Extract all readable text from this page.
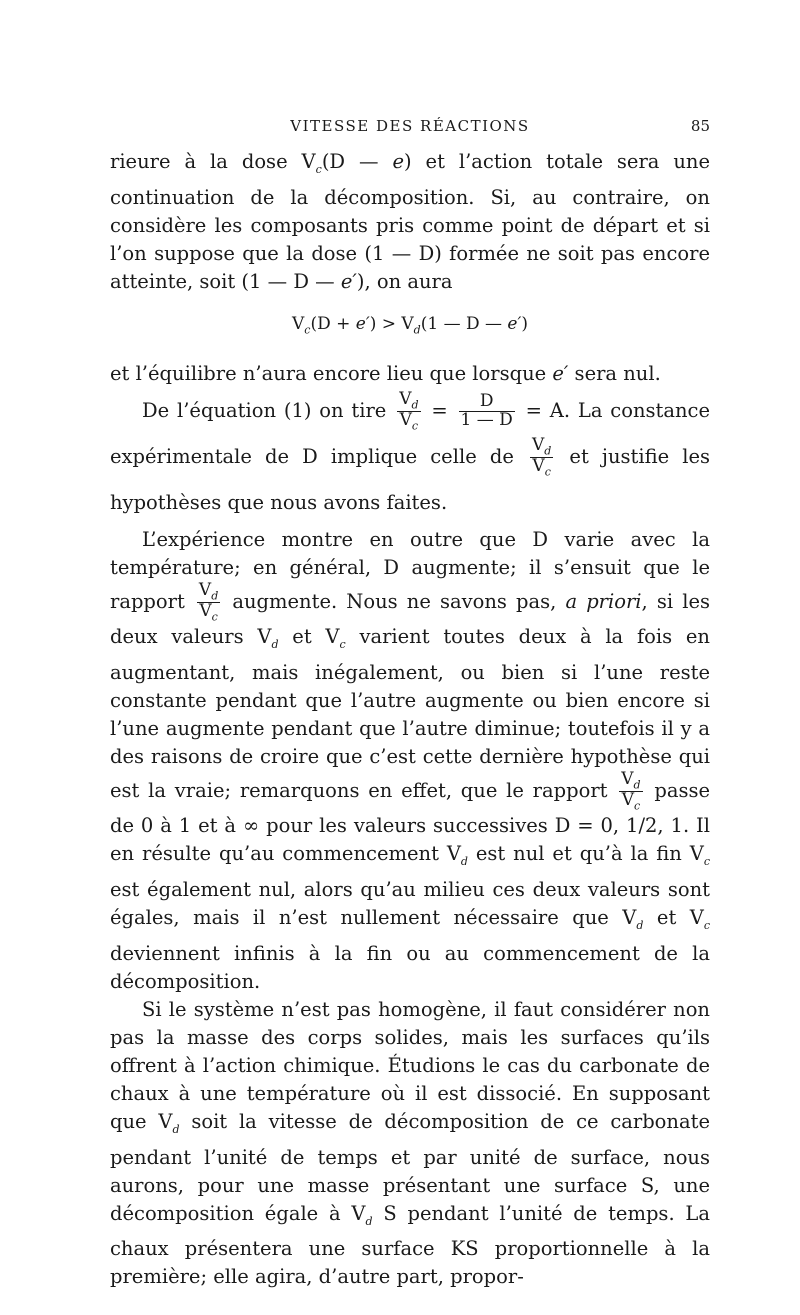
VITESSE DES RÉACTIONS	85

rieure à la dose $V_c(D$ — e) et l’action totale sera une continuation de la décomposition. Si, au contraire, on considère les composants pris comme point de départ et si l’on suppose que la dose (1 — D) formée ne soit pas encore atteinte, soit (1 — D — e′), on aura

$V_c(D + e') > V_d(1$ — D — e′)

et l’équilibre n’aura encore lieu que lorsque e′ sera nul.

De l’équation (1) on tire $\frac{V_d}{V_c} = \frac{D}{1 — D} = A$. La constance expérimentale de D implique celle de $\frac{V_d}{V_c}$ et justifie les hypothèses que nous avons faites.

L’expérience montre en outre que D varie avec la température; en général, D augmente; il s’ensuit que le rapport $\frac{V_d}{V_c}$ augmente. Nous ne savons pas, a priori, si les deux valeurs $V_d$ et $V_c$ varient toutes deux à la fois en augmentant, mais inégalement, ou bien si l’une reste constante pendant que l’autre augmente ou bien encore si l’une augmente pendant que l’autre diminue; toutefois il y a des raisons de croire que c’est cette dernière hypothèse qui est la vraie; remarquons en effet, que le rapport $\frac{V_d}{V_c}$ passe de 0 à 1 et à ∞ pour les valeurs successives D = 0, 1/2, 1. Il en résulte qu’au commencement $V_d$ est nul et qu’à la fin $V_c$ est également nul, alors qu’au milieu ces deux valeurs sont égales, mais il n’est nullement nécessaire que $V_d$ et $V_c$ deviennent infinis à la fin ou au commencement de la décomposition.

Si le système n’est pas homogène, il faut considérer non pas la masse des corps solides, mais les surfaces qu’ils offrent à l’action chimique. Étudions le cas du carbonate de chaux à une température où il est dissocié. En supposant que $V_d$ soit la vitesse de décomposition de ce carbonate pendant l’unité de temps et par unité de surface, nous aurons, pour une masse présentant une surface S, une décomposition égale à $V_d$ S pendant l’unité de temps. La chaux présentera une surface KS proportionnelle à la première; elle agira, d’autre part, propor-
